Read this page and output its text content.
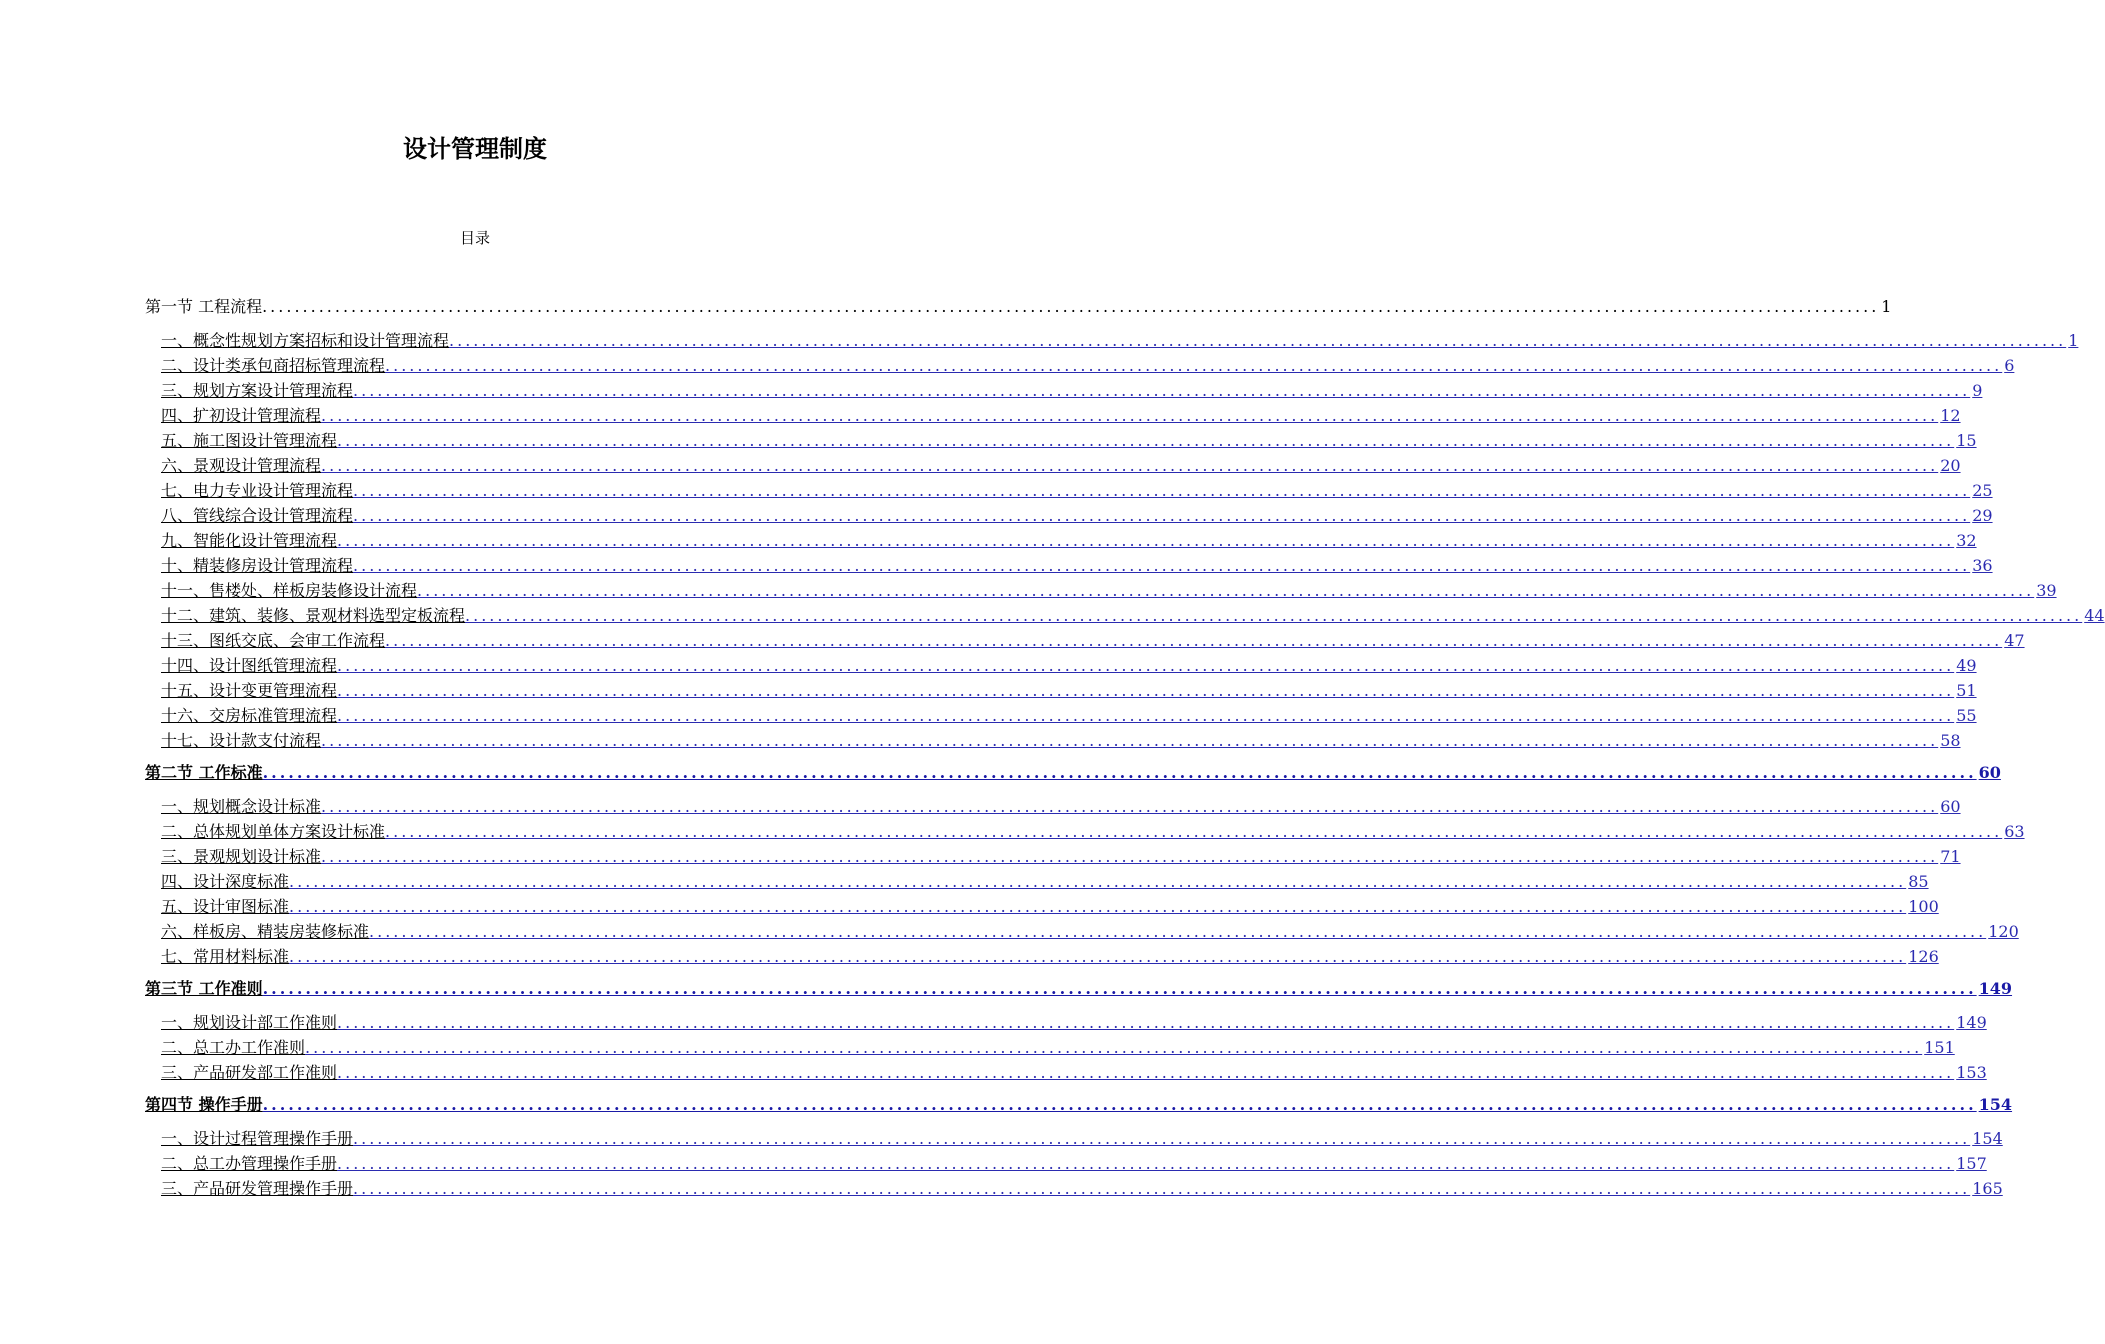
设计管理制度
目录
第一节 工程流程 ........................................................................................................................................................................................................ 1
一、概念性规划方案招标和设计管理流程 ........................................................................................................................................................................................................ 1
二、设计类承包商招标管理流程 ........................................................................................................................................................................................................ 6
三、规划方案设计管理流程 ........................................................................................................................................................................................................ 9
四、扩初设计管理流程 ........................................................................................................................................................................................................ 12
五、施工图设计管理流程 ........................................................................................................................................................................................................ 15
六、景观设计管理流程 ........................................................................................................................................................................................................ 20
七、电力专业设计管理流程 ........................................................................................................................................................................................................ 25
八、管线综合设计管理流程 ........................................................................................................................................................................................................ 29
九、智能化设计管理流程 ........................................................................................................................................................................................................ 32
十、精装修房设计管理流程 ........................................................................................................................................................................................................ 36
十一、售楼处、样板房装修设计流程 ........................................................................................................................................................................................................ 39
十二、建筑、装修、景观材料选型定板流程 ........................................................................................................................................................................................................ 44
十三、图纸交底、会审工作流程 ........................................................................................................................................................................................................ 47
十四、设计图纸管理流程 ........................................................................................................................................................................................................ 49
十五、设计变更管理流程 ........................................................................................................................................................................................................ 51
十六、交房标准管理流程 ........................................................................................................................................................................................................ 55
十七、设计款支付流程 ........................................................................................................................................................................................................ 58
第二节 工作标准 ........................................................................................................................................................................................................ 60
一、规划概念设计标准 ........................................................................................................................................................................................................ 60
二、总体规划单体方案设计标准 ........................................................................................................................................................................................................ 63
三、景观规划设计标准 ........................................................................................................................................................................................................ 71
四、设计深度标准 ........................................................................................................................................................................................................ 85
五、设计审图标准 ........................................................................................................................................................................................................ 100
六、样板房、精装房装修标准 ........................................................................................................................................................................................................ 120
七、常用材料标准 ........................................................................................................................................................................................................ 126
第三节 工作准则 ........................................................................................................................................................................................................ 149
一、规划设计部工作准则 ........................................................................................................................................................................................................ 149
二、总工办工作准则 ........................................................................................................................................................................................................ 151
三、产品研发部工作准则 ........................................................................................................................................................................................................ 153
第四节 操作手册 ........................................................................................................................................................................................................ 154
一、设计过程管理操作手册 ........................................................................................................................................................................................................ 154
二、总工办管理操作手册 ........................................................................................................................................................................................................ 157
三、产品研发管理操作手册 ........................................................................................................................................................................................................ 165
